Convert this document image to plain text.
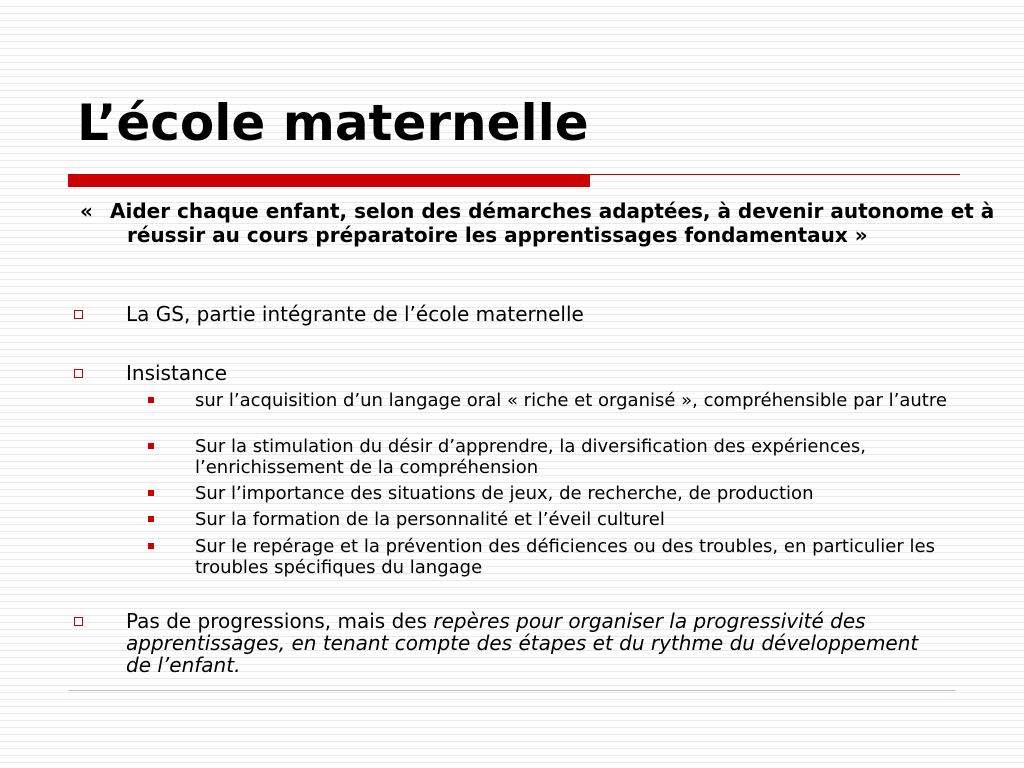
L’école maternelle

« Aider chaque enfant, selon des démarches adaptées, à devenir autonome et à réussir au cours préparatoire les apprentissages fondamentaux »

La GS, partie intégrante de l’école maternelle

Insistance

sur l’acquisition d’un langage oral « riche et organisé », compréhensible par l’autre

Sur la stimulation du désir d’apprendre, la diversification des expériences, l’enrichissement de la compréhension

Sur l’importance des situations de jeux, de recherche, de production

Sur la formation de la personnalité et l’éveil culturel

Sur le repérage et la prévention des déficiences ou des troubles, en particulier les troubles spécifiques du langage

Pas de progressions, mais des repères pour organiser la progressivité des apprentissages, en tenant compte des étapes et du rythme du développement de l’enfant.
